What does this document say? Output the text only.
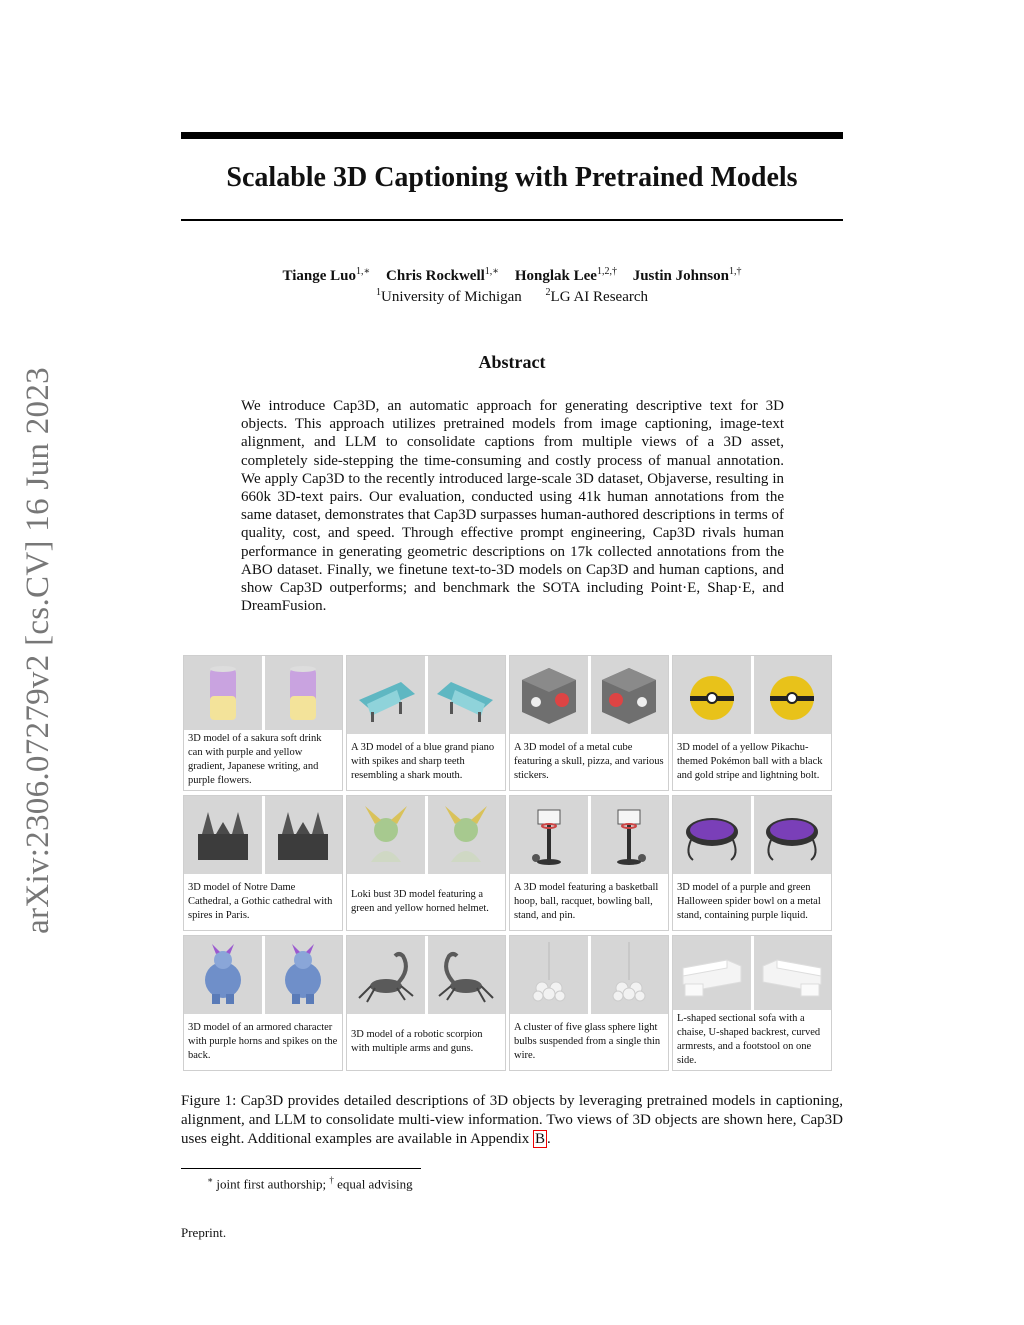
arXiv:2306.07279v2 [cs.CV] 16 Jun 2023
Scalable 3D Captioning with Pretrained Models
Tiange Luo$^{1,∗}$ Chris Rockwell$^{1,∗}$ Honglak Lee$^{1,2,\dagger}$ Justin Johnson$^{1,\dagger}$
$^1$University of Michigan $^2$LG AI Research
Abstract

We introduce Cap3D, an automatic approach for generating descriptive text for 3D objects. This approach utilizes pretrained models from image captioning, image-text alignment, and LLM to consolidate captions from multiple views of a 3D asset, completely side-stepping the time-consuming and costly process of manual annotation. We apply Cap3D to the recently introduced large-scale 3D dataset, Objaverse, resulting in 660k 3D-text pairs. Our evaluation, conducted using 41k human annotations from the same dataset, demonstrates that Cap3D surpasses human-authored descriptions in terms of quality, cost, and speed. Through effective prompt engineering, Cap3D rivals human performance in generating geometric descriptions on 17k collected annotations from the ABO dataset. Finally, we finetune text-to-3D models on Cap3D and human captions, and show Cap3D outperforms; and benchmark the SOTA including Point·E, Shap·E, and DreamFusion.

3D model of a sakura soft drink can with purple and yellow gradient, Japanese writing, and purple flowers.
A 3D model of a blue grand piano with spikes and sharp teeth resembling a shark mouth.
A 3D model of a metal cube featuring a skull, pizza, and various stickers.
3D model of a yellow Pikachu-themed Pokémon ball with a black and gold stripe and lightning bolt.
3D model of Notre Dame Cathedral, a Gothic cathedral with spires in Paris.
Loki bust 3D model featuring a green and yellow horned helmet.
A 3D model featuring a basketball hoop, ball, racquet, bowling ball, stand, and pin.
3D model of a purple and green Halloween spider bowl on a metal stand, containing purple liquid.
3D model of an armored character with purple horns and spikes on the back.
3D model of a robotic scorpion with multiple arms and guns.
A cluster of five glass sphere light bulbs suspended from a single thin wire.
L-shaped sectional sofa with a chaise, U-shaped backrest, curved armrests, and a footstool on one side.

Figure 1: Cap3D provides detailed descriptions of 3D objects by leveraging pretrained models in captioning, alignment, and LLM to consolidate multi-view information. Two views of 3D objects are shown here, Cap3D uses eight. Additional examples are available in Appendix B .

∗ joint first authorship; † equal advising
Preprint.
